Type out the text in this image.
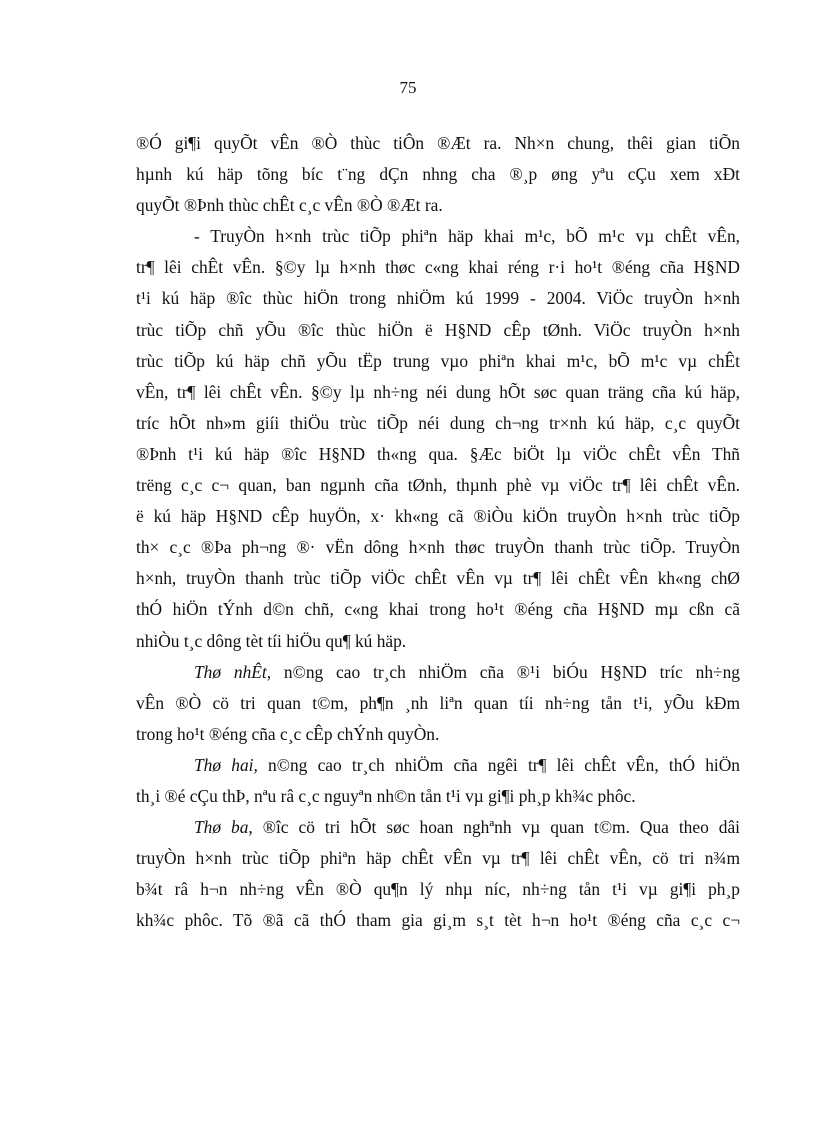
75
®Ó gi¶i quyÕt vÊn ®Ò thùc tiÔn ®Æt ra. Nh×n chung, thêi gian tiÕn
hµnh kú häp tõng bíc t¨ng dÇn nhng cha ®¸p øng yªu cÇu xem xÐt
quyÕt ®Þnh thùc chÊt c¸c vÊn ®Ò ®Æt ra.
- TruyÒn h×nh trùc tiÕp phiªn häp khai m¹c, bÕ m¹c vµ chÊt vÊn,
tr¶ lêi chÊt vÊn. §©y lµ h×nh thøc c«ng khai réng r·i ho¹t ®éng cña H§ND
t¹i kú häp ®îc thùc hiÖn trong nhiÖm kú 1999 - 2004. ViÖc truyÒn h×nh
trùc tiÕp chñ yÕu ®îc thùc hiÖn ë H§ND cÊp tØnh. ViÖc truyÒn h×nh
trùc tiÕp kú häp chñ yÕu tËp trung vµo phiªn khai m¹c, bÕ m¹c vµ chÊt
vÊn, tr¶ lêi chÊt vÊn. §©y lµ nh÷ng néi dung hÕt søc quan träng cña kú häp,
tríc hÕt nh»m giíi thiÖu trùc tiÕp néi dung ch¬ng tr×nh kú häp, c¸c quyÕt
®Þnh t¹i kú häp ®îc H§ND th«ng qua. §Æc biÖt lµ viÖc chÊt vÊn Thñ
trëng c¸c c¬ quan, ban ngµnh cña tØnh, thµnh phè vµ viÖc tr¶ lêi chÊt vÊn.
ë kú häp H§ND cÊp huyÖn, x· kh«ng cã ®iÒu kiÖn truyÒn h×nh trùc tiÕp
th× c¸c ®Þa ph¬ng ®· vËn dông h×nh thøc truyÒn thanh trùc tiÕp. TruyÒn
h×nh, truyÒn thanh trùc tiÕp viÖc chÊt vÊn vµ tr¶ lêi chÊt vÊn kh«ng chØ
thÓ hiÖn tÝnh d©n chñ, c«ng khai trong ho¹t ®éng cña H§ND mµ cßn cã
nhiÒu t¸c dông tèt tíi hiÖu qu¶ kú häp.
Thø nhÊt, n©ng cao tr¸ch nhiÖm cña ®¹i biÓu H§ND tríc nh÷ng
vÊn ®Ò cö tri quan t©m, ph¶n ¸nh liªn quan tíi nh÷ng tån t¹i, yÕu kÐm
trong ho¹t ®éng cña c¸c cÊp chÝnh quyÒn.
Thø hai, n©ng cao tr¸ch nhiÖm cña ngêi tr¶ lêi chÊt vÊn, thÓ hiÖn
th¸i ®é cÇu thÞ, nªu râ c¸c nguyªn nh©n tån t¹i vµ gi¶i ph¸p kh¾c phôc.
Thø ba, ®îc cö tri hÕt søc hoan nghªnh vµ quan t©m. Qua theo dâi
truyÒn h×nh trùc tiÕp phiªn häp chÊt vÊn vµ tr¶ lêi chÊt vÊn, cö tri n¾m
b¾t râ h¬n nh÷ng vÊn ®Ò qu¶n lý nhµ níc, nh÷ng tån t¹i vµ gi¶i ph¸p
kh¾c phôc. Tõ ®ã cã thÓ tham gia gi¸m s¸t tèt h¬n ho¹t ®éng cña c¸c c¬
